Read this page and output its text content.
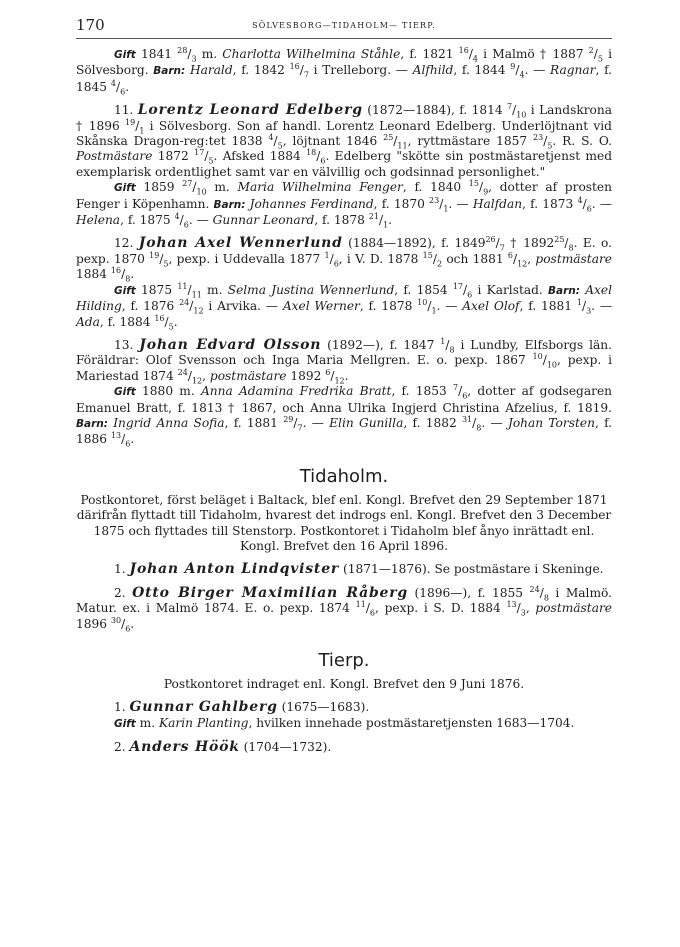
170	SÖLVESBORG—TIDAHOLM— TIERP.

Gift 1841 $^{28}/_3$ m. Charlotta Wilhelmina Ståhle, f. 1821 $^{16}/_4$ i Malmö † 1887 $^2/_5$ i Sölvesborg. Barn: Harald, f. 1842 $^{16}/_7$ i Trelleborg. — Alfhild, f. 1844 $^9/_4$. — Ragnar, f. 1845 $^4/_6$.

11. Lorentz Leonard Edelberg (1872—1884), f. 1814 $^7/_{10}$ i Landskrona † 1896 $^{19}/_1$ i Sölvesborg. Son af handl. Lorentz Leonard Edelberg. Underlöjtnant vid Skånska Dragon-reg:tet 1838 $^4/_5$, löjtnant 1846 $^{25}/_{11}$, ryttmästare 1857 $^{23}/_5$. R. S. O. Postmästare 1872 $^{17}/_5$. Afsked 1884 $^{18}/_6$. Edelberg "skötte sin postmästaretjenst med exemplarisk ordentlighet samt var en välvillig och godsinnad personlighet."

Gift 1859 $^{27}/_{10}$ m. Maria Wilhelmina Fenger, f. 1840 $^{15}/_9$, dotter af prosten Fenger i Köpenhamn. Barn: Johannes Ferdinand, f. 1870 $^{23}/_1$. — Halfdan, f. 1873 $^4/_6$. — Helena, f. 1875 $^4/_6$. — Gunnar Leonard, f. 1878 $^{21}/_1$.

12. Johan Axel Wennerlund (1884—1892), f. $1849^{26}/_7$ † $1892^{25}/_8$. E. o. pexp. 1870 $^{19}/_5$, pexp. i Uddevalla 1877 $^1/_6$, i V. D. 1878 $^{15}/_2$ och 1881 $^6/_{12}$, postmästare 1884 $^{16}/_8$.

Gift 1875 $^{11}/_{11}$ m. Selma Justina Wennerlund, f. 1854 $^{17}/_6$ i Karlstad. Barn: Axel Hilding, f. 1876 $^{24}/_{12}$ i Arvika. — Axel Werner, f. 1878 $^{10}/_1$. — Axel Olof, f. 1881 $^1/_3$. — Ada, f. 1884 $^{16}/_5$.

13. Johan Edvard Olsson (1892—), f. 1847 $^1/_8$ i Lundby, Elfsborgs län. Föräldrar: Olof Svensson och Inga Maria Mellgren. E. o. pexp. 1867 $^{10}/_{10}$, pexp. i Mariestad 1874 $^{24}/_{12}$, postmästare 1892 $^6/_{12}$.

Gift 1880 m. Anna Adamina Fredrika Bratt, f. 1853 $^7/_6$, dotter af godsegaren Emanuel Bratt, f. 1813 † 1867, och Anna Ulrika Ingjerd Christina Afzelius, f. 1819. Barn: Ingrid Anna Sofia, f. 1881 $^{29}/_7$. — Elin Gunilla, f. 1882 $^{31}/_8$. — Johan Torsten, f. 1886 $^{13}/_6$.

Tidaholm.

Postkontoret, först beläget i Baltack, blef enl. Kongl. Brefvet den 29 September 1871 därifrån flyttadt till Tidaholm, hvarest det indrogs enl. Kongl. Brefvet den 3 December 1875 och flyttades till Stenstorp. Postkontoret i Tidaholm blef ånyo inrättadt enl. Kongl. Brefvet den 16 April 1896.

1. Johan Anton Lindqvister (1871—1876). Se postmästare i Skeninge.

2. Otto Birger Maximilian Råberg (1896—), f. 1855 $^{24}/_8$ i Malmö. Matur. ex. i Malmö 1874. E. o. pexp. 1874 $^{11}/_6$, pexp. i S. D. 1884 $^{13}/_3$, postmästare 1896 $^{30}/_6$.

Tierp.

Postkontoret indraget enl. Kongl. Brefvet den 9 Juni 1876.

1. Gunnar Gahlberg (1675—1683).

Gift m. Karin Planting, hvilken innehade postmästaretjensten 1683—1704.

2. Anders Höök (1704—1732).
